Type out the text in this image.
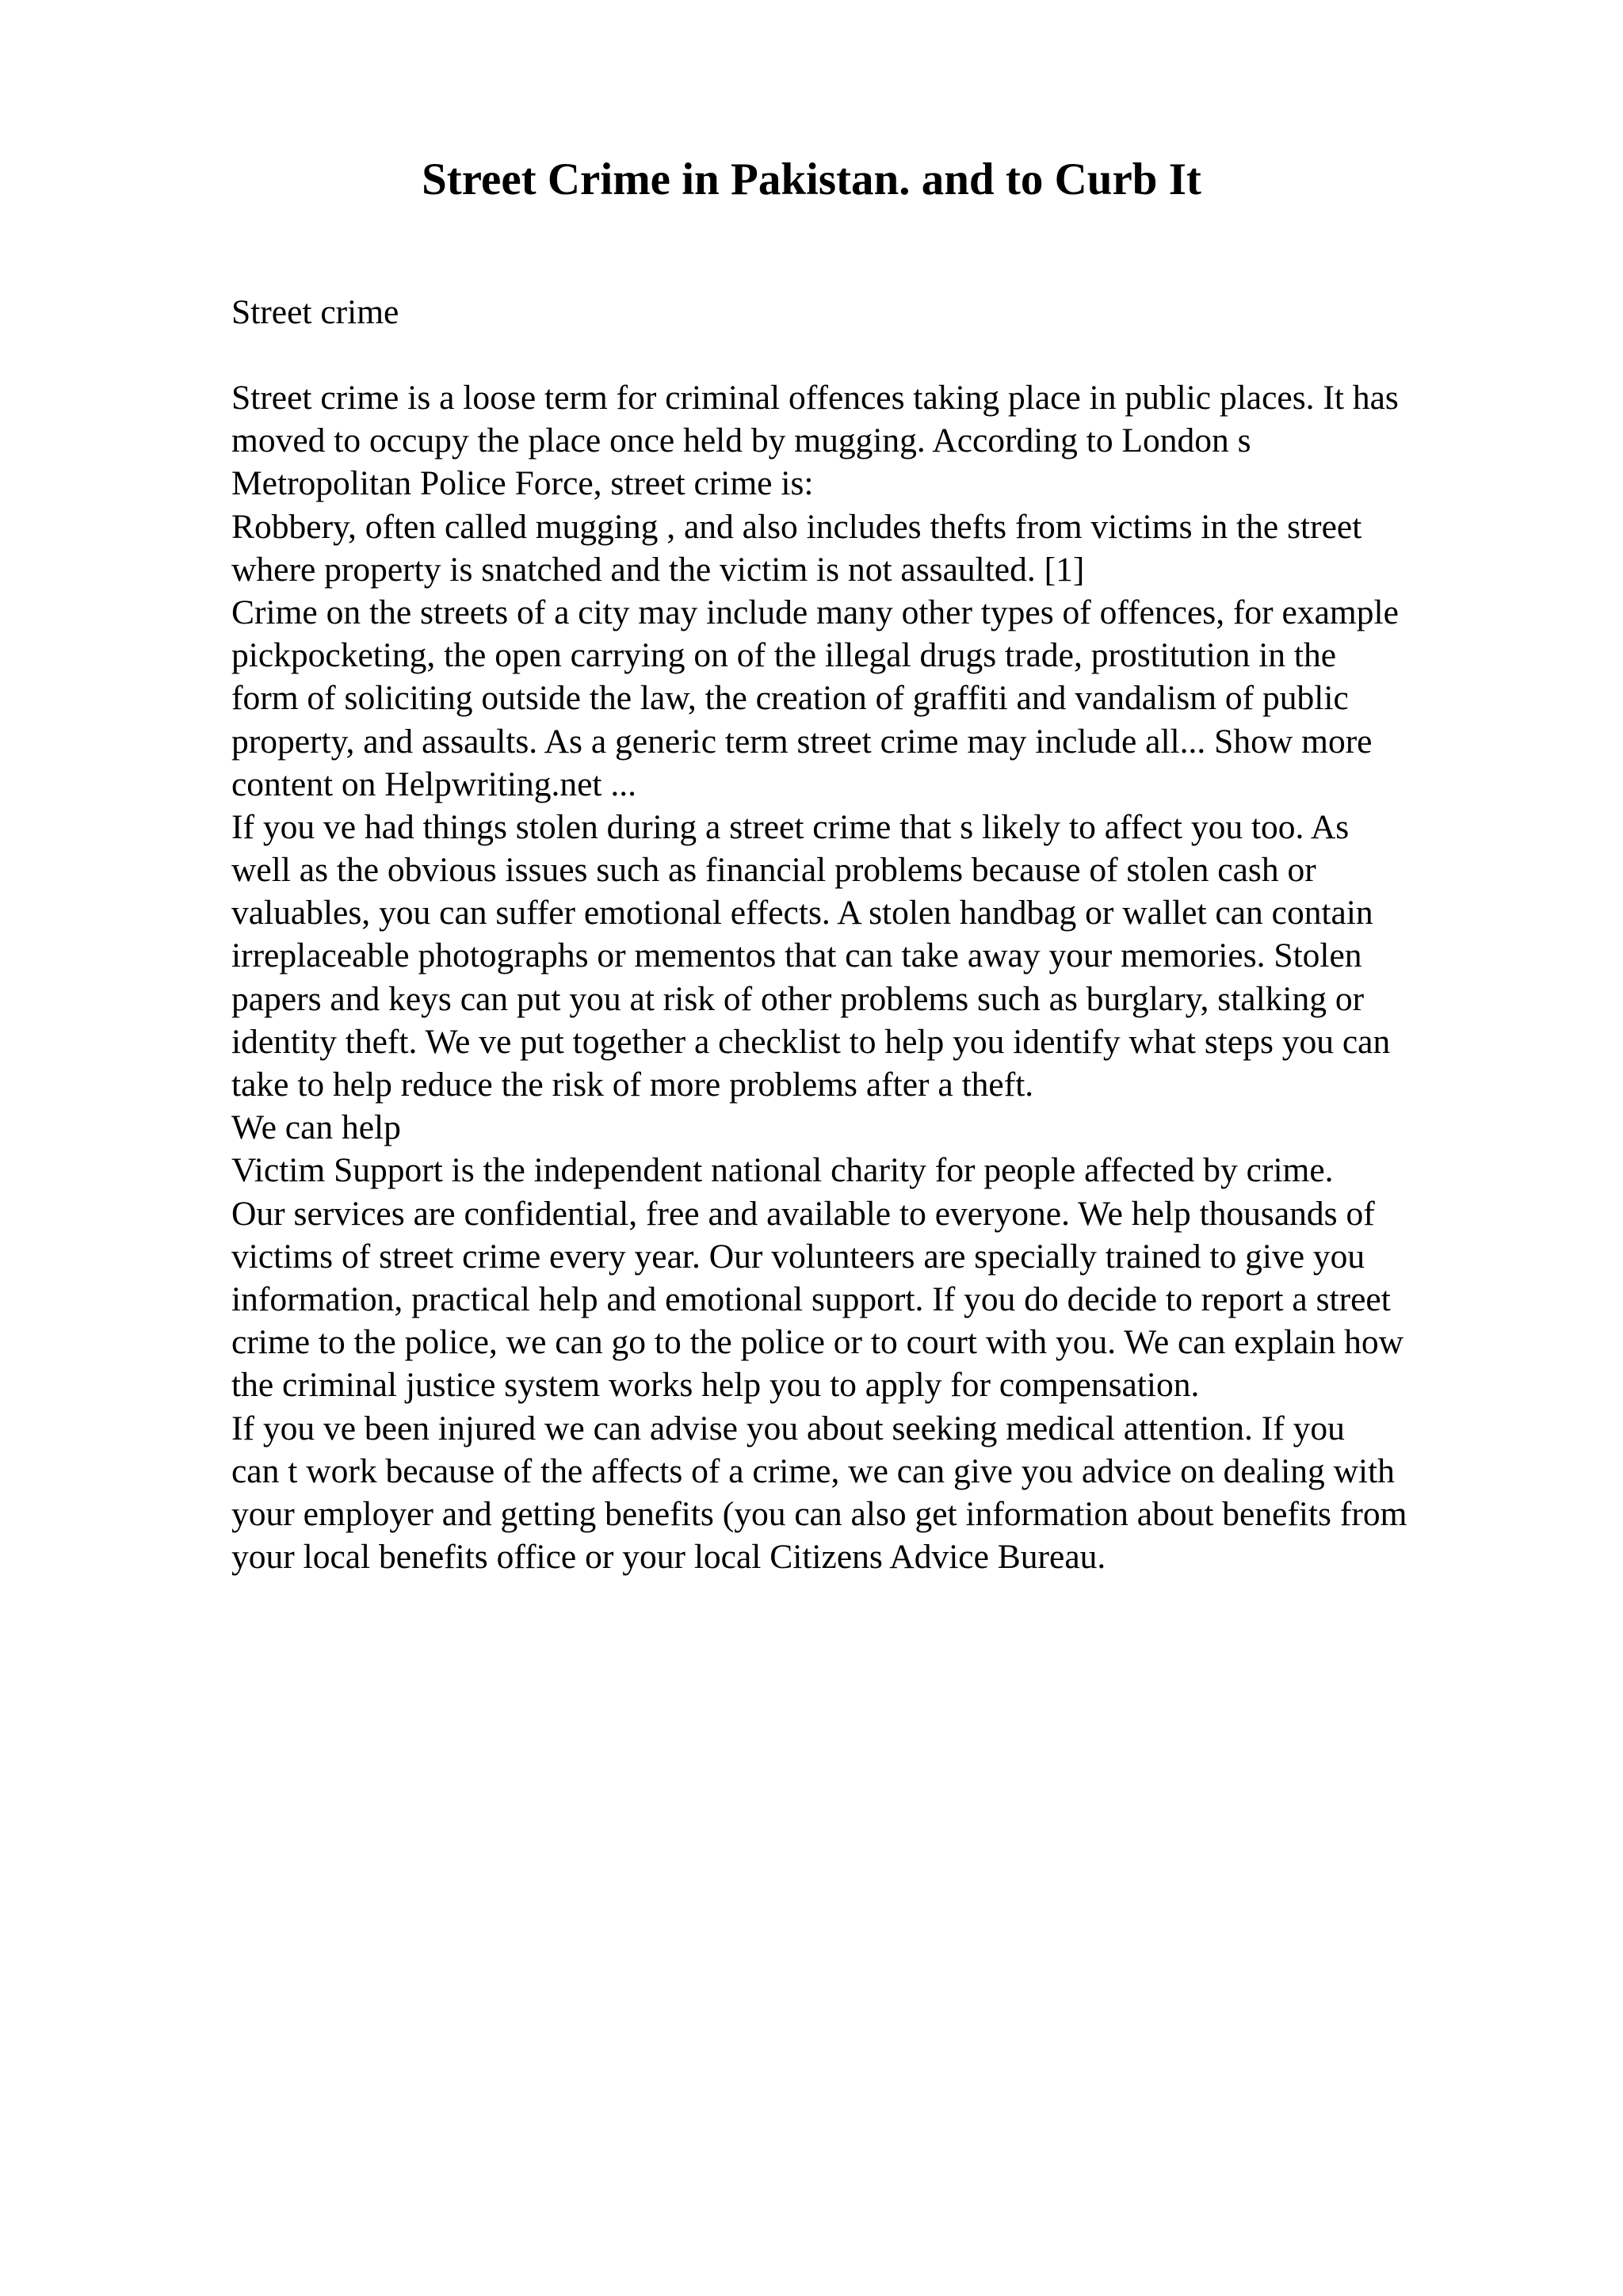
Street Crime in Pakistan. and to Curb It

Street crime

Street crime is a loose term for criminal offences taking place in public places. It has
moved to occupy the place once held by mugging. According to London s
Metropolitan Police Force, street crime is:
Robbery, often called mugging , and also includes thefts from victims in the street
where property is snatched and the victim is not assaulted. [1]
Crime on the streets of a city may include many other types of offences, for example
pickpocketing, the open carrying on of the illegal drugs trade, prostitution in the
form of soliciting outside the law, the creation of graffiti and vandalism of public
property, and assaults. As a generic term street crime may include all... Show more
content on Helpwriting.net ...
If you ve had things stolen during a street crime that s likely to affect you too. As
well as the obvious issues such as financial problems because of stolen cash or
valuables, you can suffer emotional effects. A stolen handbag or wallet can contain
irreplaceable photographs or mementos that can take away your memories. Stolen
papers and keys can put you at risk of other problems such as burglary, stalking or
identity theft. We ve put together a checklist to help you identify what steps you can
take to help reduce the risk of more problems after a theft.
We can help
Victim Support is the independent national charity for people affected by crime.
Our services are confidential, free and available to everyone. We help thousands of
victims of street crime every year. Our volunteers are specially trained to give you
information, practical help and emotional support. If you do decide to report a street
crime to the police, we can go to the police or to court with you. We can explain how
the criminal justice system works help you to apply for compensation.
If you ve been injured we can advise you about seeking medical attention. If you
can t work because of the affects of a crime, we can give you advice on dealing with
your employer and getting benefits (you can also get information about benefits from
your local benefits office or your local Citizens Advice Bureau.
